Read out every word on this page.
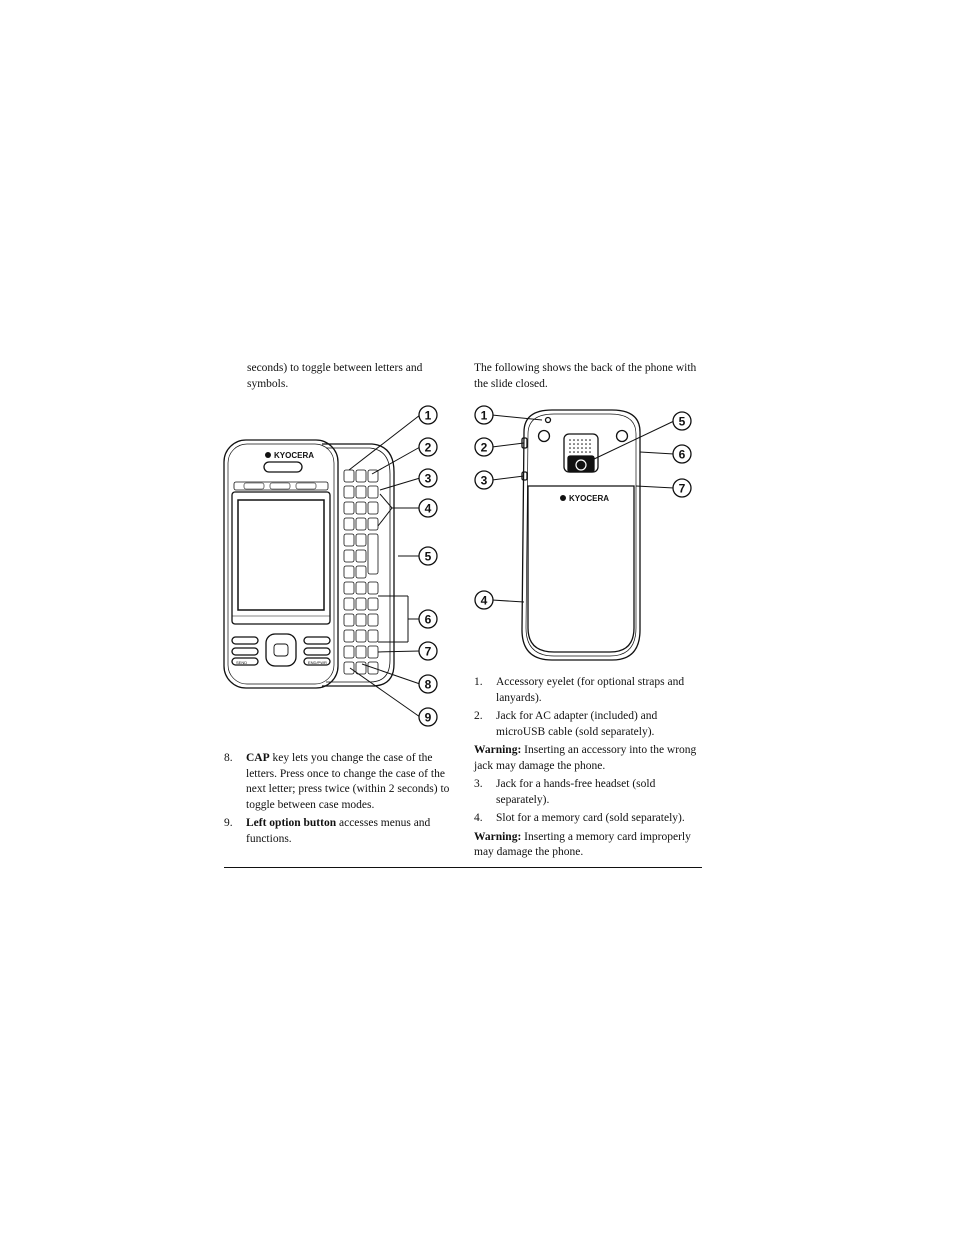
seconds) to toggle between letters and symbols.

KYOCERA
SEND	END/PWR
1
2
3
4
5
6
7
8
9
8. CAP key lets you change the case of the letters. Press once to change the case of the next letter; press twice (within 2 seconds) to toggle between case modes.
9. Left option button accesses menus and functions.

The following shows the back of the phone with the slide closed.

KYOCERA
1
2
3
4
5
6
7
1. Accessory eyelet (for optional straps and lanyards).
2. Jack for AC adapter (included) and microUSB cable (sold separately).
Warning: Inserting an accessory into the wrong jack may damage the phone.
3. Jack for a hands-free headset (sold separately).
4. Slot for a memory card (sold separately).
Warning: Inserting a memory card improperly may damage the phone.
